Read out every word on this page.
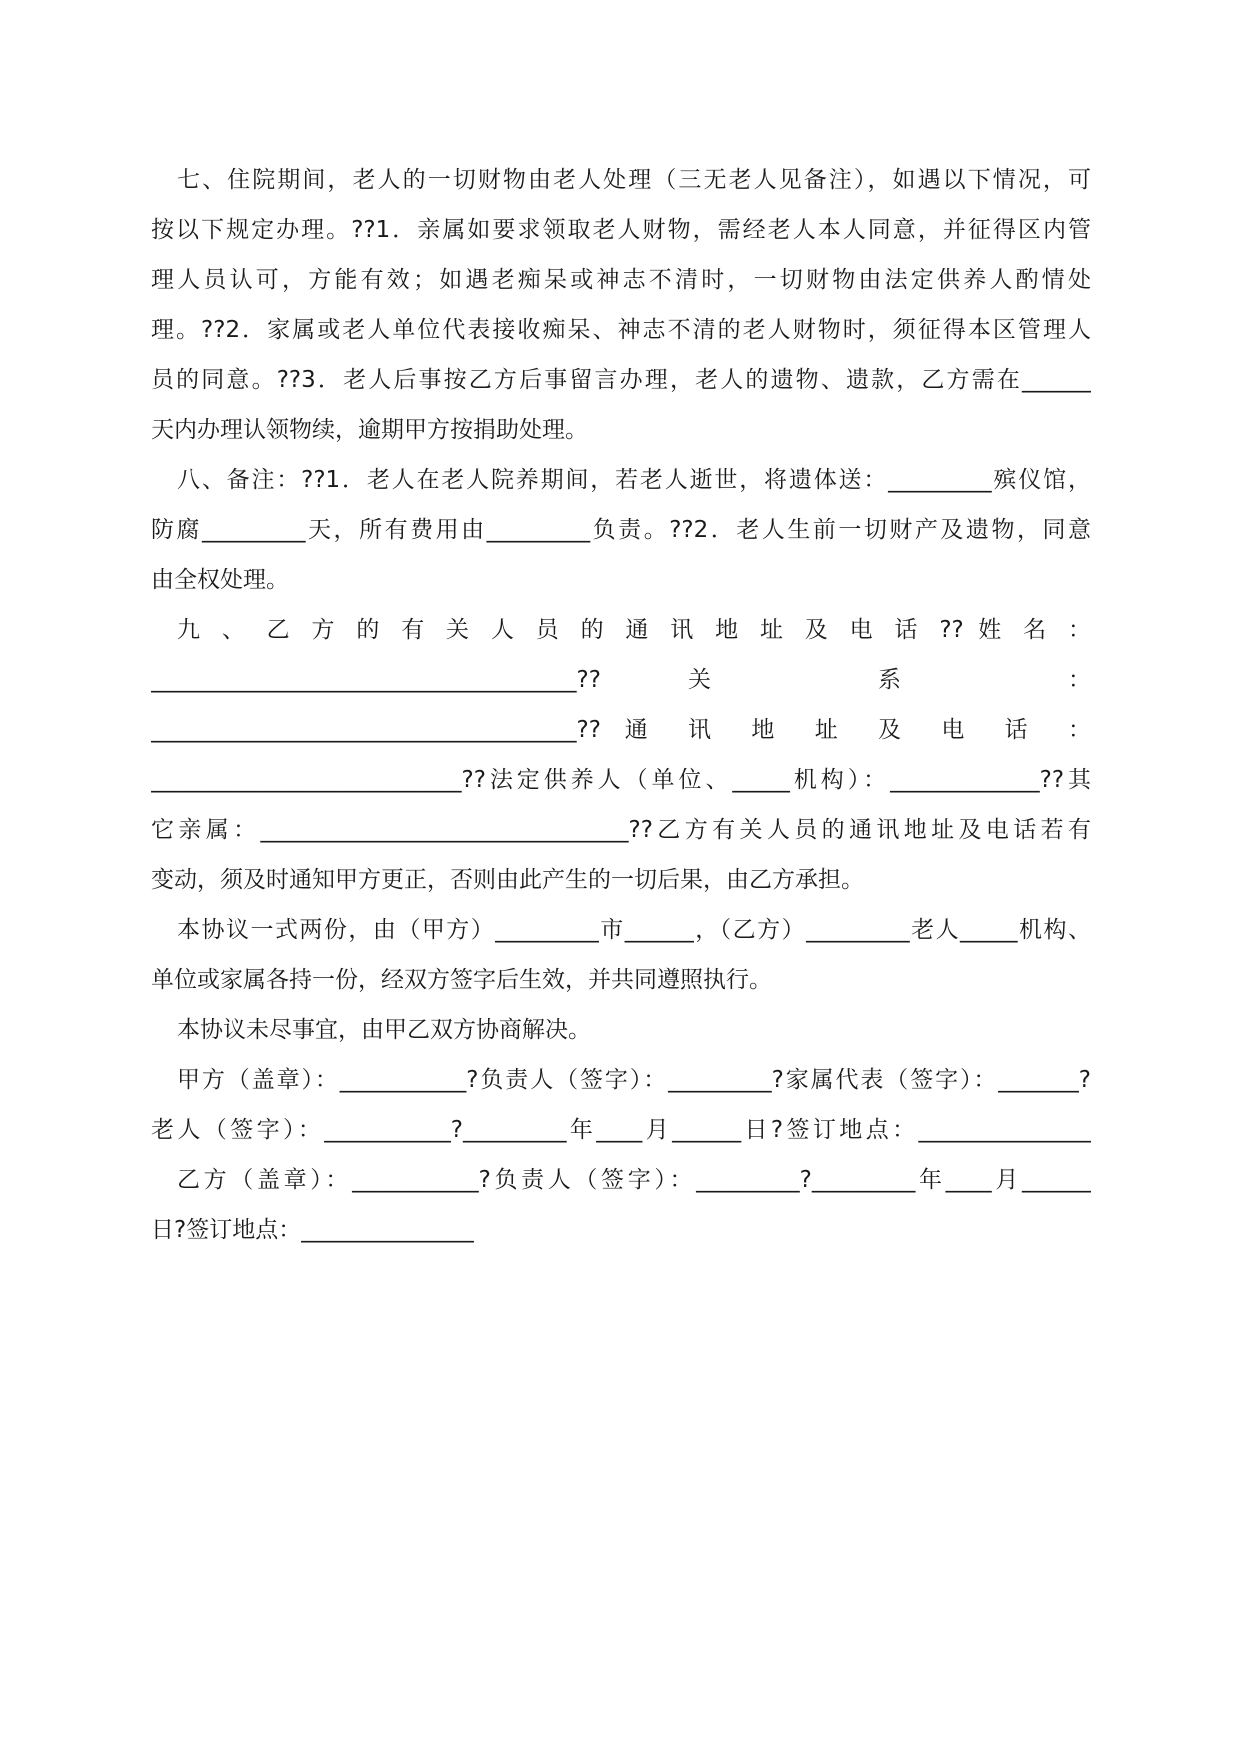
七、住院期间，老人的一切财物由老人处理（三无老人见备注），如遇以下情况，可
按以下规定办理。??1．亲属如要求领取老人财物，需经老人本人同意，并征得区内管
理人员认可，方能有效；如遇老痴呆或神志不清时，一切财物由法定供养人酌情处
理。??2．家属或老人单位代表接收痴呆、神志不清的老人财物时，须征得本区管理人
员的同意。??3．老人后事按乙方后事留言办理，老人的遗物、遗款，乙方需在______
天内办理认领物续，逾期甲方按捐助处理。
八、备注：??1．老人在老人院养期间，若老人逝世，将遗体送：_________殡仪馆，
防腐_________天，所有费用由_________负责。??2．老人生前一切财产及遗物，同意
由全权处理。
九 、 乙 方 的 有 关 人 员 的 通 讯 地 址 及 电 话 ?? 姓 名 ：
_____________________________________?? 关 系 ：
_____________________________________?? 通 讯 地 址 及 电 话 ：
___________________________??法定供养人（单位、_____机构）：_____________??其
它亲属：________________________________??乙方有关人员的通讯地址及电话若有
变动，须及时通知甲方更正，否则由此产生的一切后果，由乙方承担。
本协议一式两份，由（甲方）_________市______，（乙方）_________老人_____机构、
单位或家属各持一份，经双方签字后生效，并共同遵照执行。
本协议未尽事宜，由甲乙双方协商解决。
甲方（盖章）：___________?负责人（签字）：_________?家属代表（签字）：_______?
老人（签字）：___________?_________年____月______日?签订地点：_______________
乙方（盖章）：___________?负责人（签字）：_________?_________年____月______
日?签订地点：_______________
